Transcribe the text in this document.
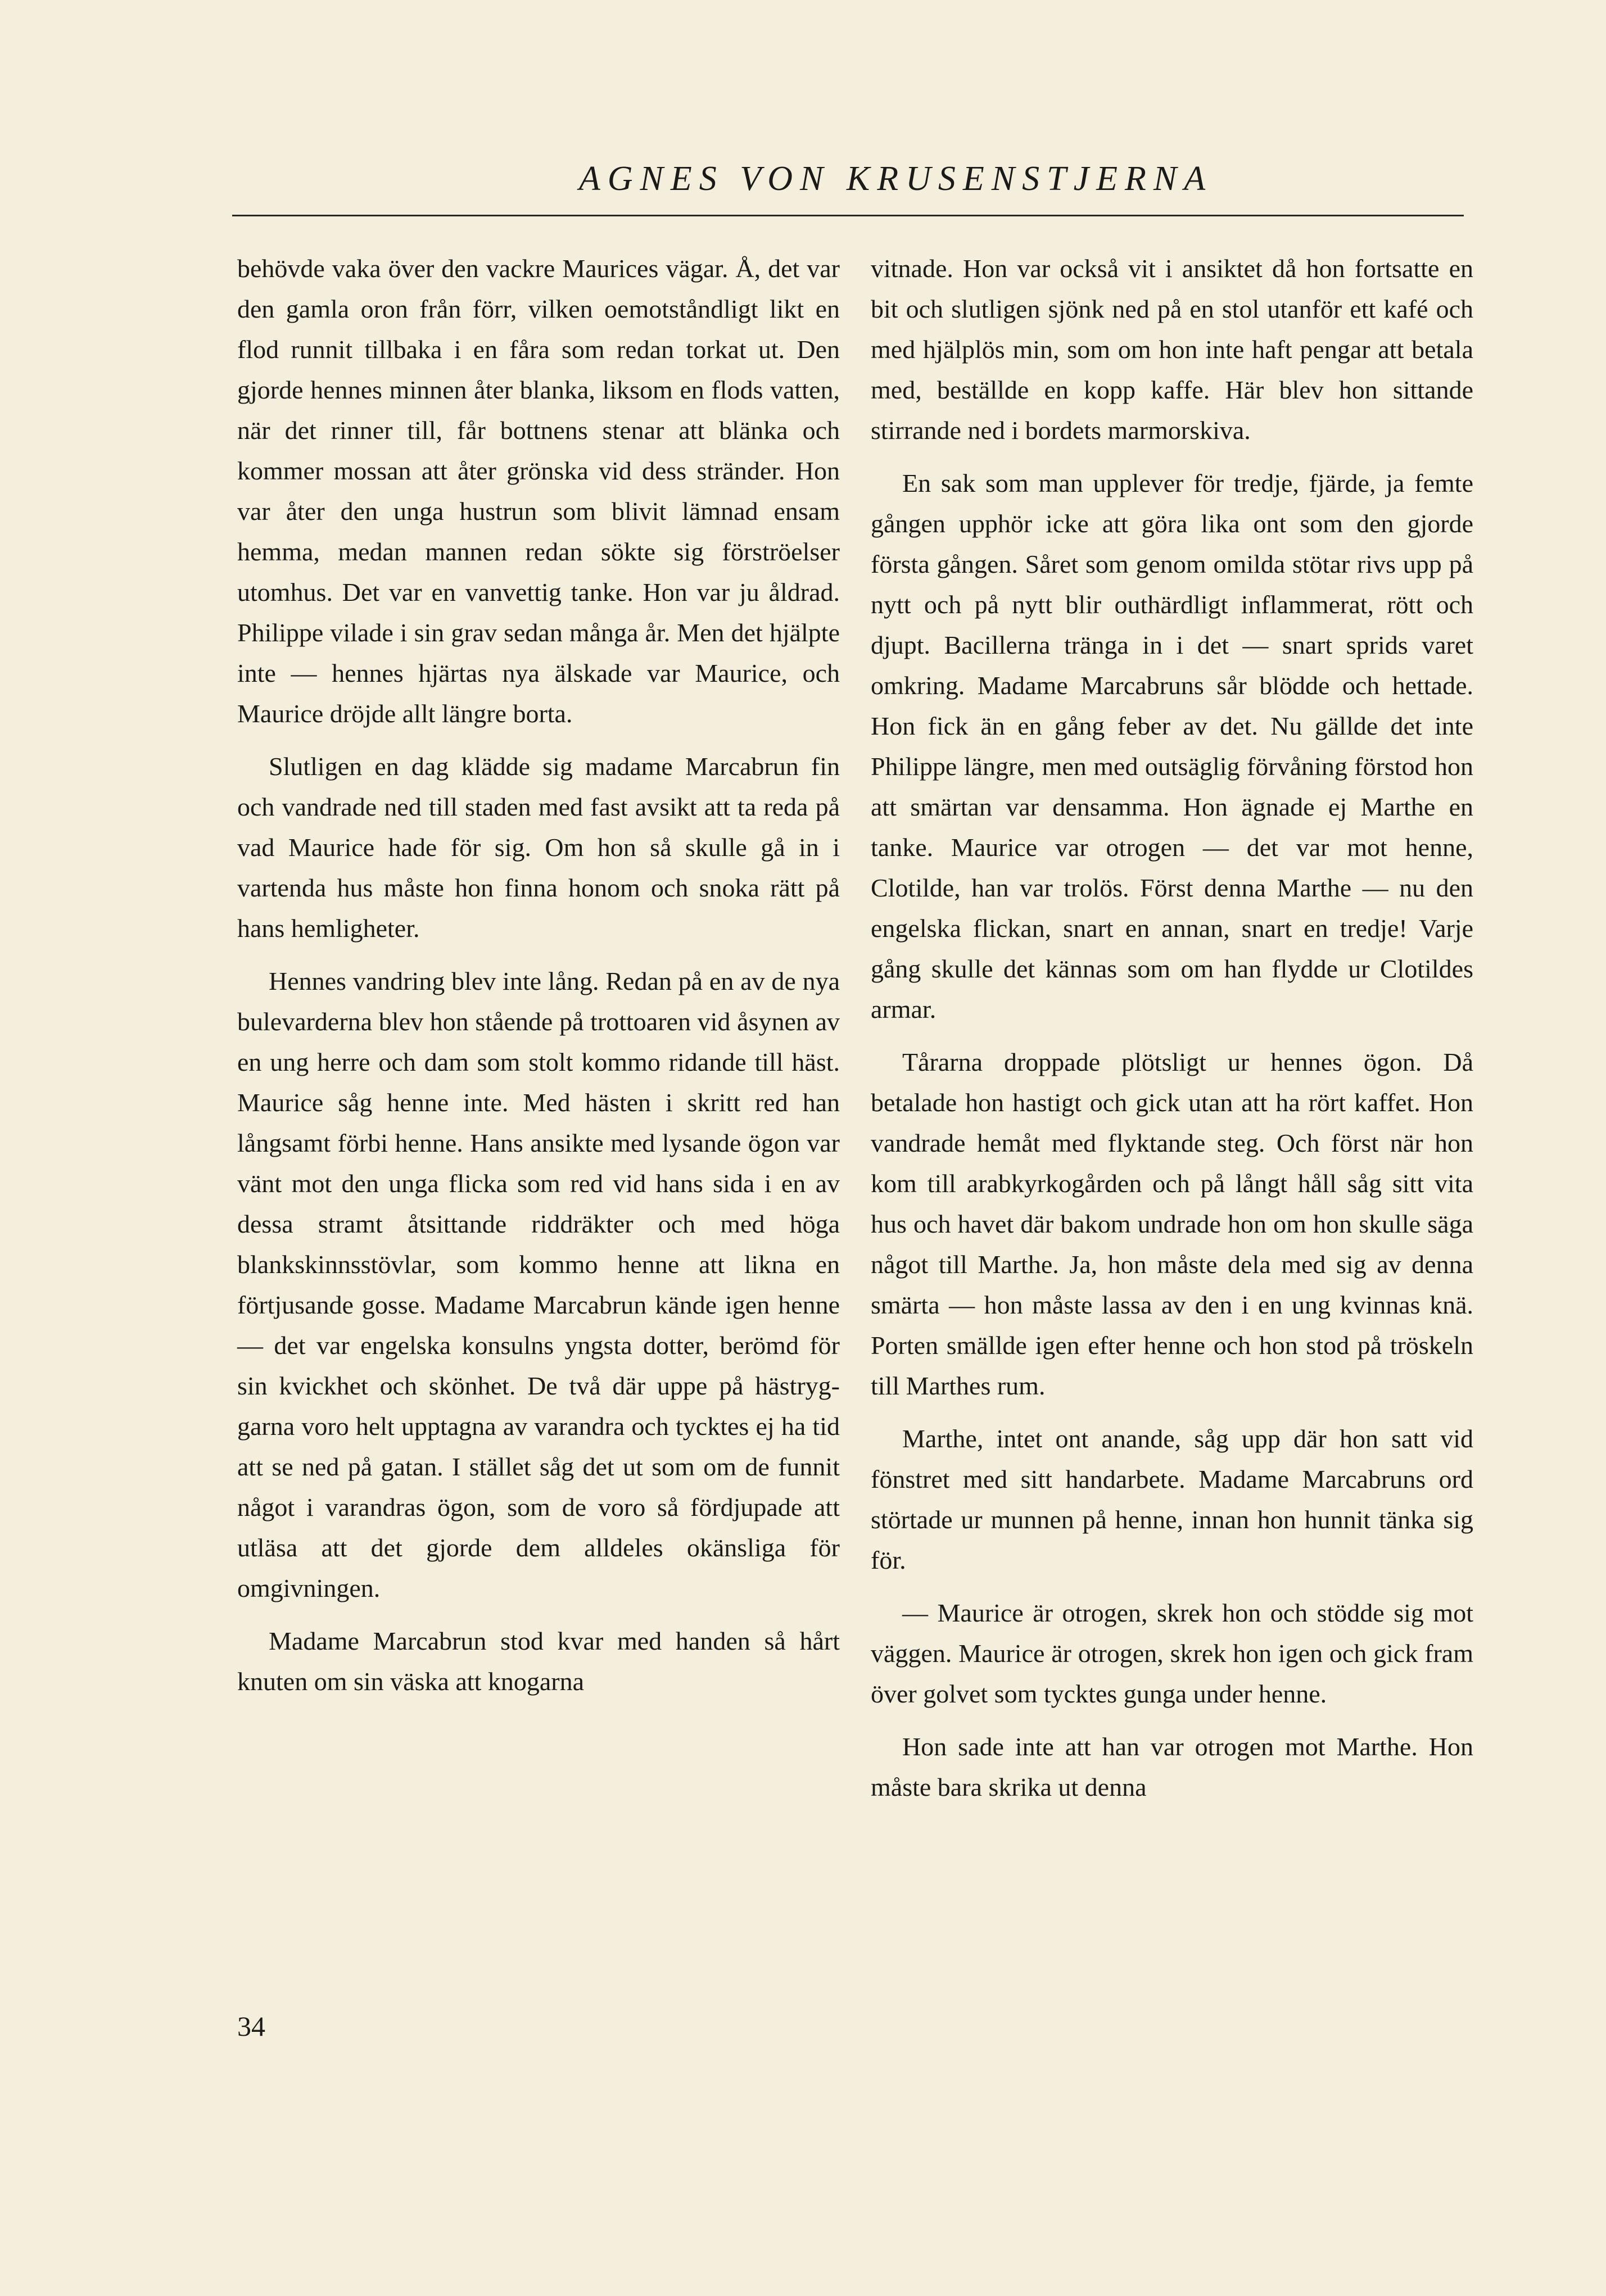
AGNES VON KRUSENSTJERNA

behövde vaka över den vackre Maurices vägar. Å, det var den gamla oron från förr, vilken oemotståndligt likt en flod runnit tillbaka i en fåra som redan torkat ut. Den gjorde hennes minnen åter blanka, liksom en flods vatten, när det rinner till, får bottnens stenar att blänka och kommer mossan att åter grönska vid dess stränder. Hon var åter den unga hustrun som blivit lämnad ensam hemma, medan mannen redan sökte sig förströelser utomhus. Det var en vanvettig tanke. Hon var ju åldrad. Philippe vilade i sin grav sedan många år. Men det hjälpte inte — hennes hjärtas nya älskade var Maurice, och Maurice dröjde allt längre borta.

Slutligen en dag klädde sig madame Marcabrun fin och vandrade ned till staden med fast avsikt att ta reda på vad Maurice hade för sig. Om hon så skulle gå in i vartenda hus måste hon finna honom och snoka rätt på hans hemligheter.

Hennes vandring blev inte lång. Redan på en av de nya bulevarderna blev hon stående på trottoaren vid åsynen av en ung herre och dam som stolt kommo ridande till häst. Maurice såg henne inte. Med hästen i skritt red han långsamt förbi henne. Hans ansikte med lysande ögon var vänt mot den unga flicka som red vid hans sida i en av dessa stramt åtsittande riddräkter och med höga blankskinnsstövlar, som kommo henne att likna en förtjusande gosse. Madame Marcabrun kände igen henne — det var engelska konsulns yngsta dotter, berömd för sin kvickhet och skönhet. De två där uppe på hästryggarna voro helt upptagna av varandra och tycktes ej ha tid att se ned på gatan. I stället såg det ut som om de funnit något i varandras ögon, som de voro så fördjupade att utläsa att det gjorde dem alldeles okänsliga för omgivningen.

Madame Marcabrun stod kvar med handen så hårt knuten om sin väska att knogarna

vitnade. Hon var också vit i ansiktet då hon fortsatte en bit och slutligen sjönk ned på en stol utanför ett kafé och med hjälplös min, som om hon inte haft pengar att betala med, beställde en kopp kaffe. Här blev hon sittande stirrande ned i bordets marmorskiva.

En sak som man upplever för tredje, fjärde, ja femte gången upphör icke att göra lika ont som den gjorde första gången. Såret som genom omilda stötar rivs upp på nytt och på nytt blir outhärdligt inflammerat, rött och djupt. Bacillerna tränga in i det — snart sprids varet omkring. Madame Marcabruns sår blödde och hettade. Hon fick än en gång feber av det. Nu gällde det inte Philippe längre, men med outsäglig förvåning förstod hon att smärtan var densamma. Hon ägnade ej Marthe en tanke. Maurice var otrogen — det var mot henne, Clotilde, han var trolös. Först denna Marthe — nu den engelska flickan, snart en annan, snart en tredje! Varje gång skulle det kännas som om han flydde ur Clotildes armar.

Tårarna droppade plötsligt ur hennes ögon. Då betalade hon hastigt och gick utan att ha rört kaffet. Hon vandrade hemåt med flyktande steg. Och först när hon kom till arabkyrkogården och på långt håll såg sitt vita hus och havet där bakom undrade hon om hon skulle säga något till Marthe. Ja, hon måste dela med sig av denna smärta — hon måste lassa av den i en ung kvinnas knä. Porten smällde igen efter henne och hon stod på tröskeln till Marthes rum.

Marthe, intet ont anande, såg upp där hon satt vid fönstret med sitt handarbete. Madame Marcabruns ord störtade ur munnen på henne, innan hon hunnit tänka sig för.

— Maurice är otrogen, skrek hon och stödde sig mot väggen. Maurice är otrogen, skrek hon igen och gick fram över golvet som tycktes gunga under henne.

Hon sade inte att han var otrogen mot Marthe. Hon måste bara skrika ut denna

34
